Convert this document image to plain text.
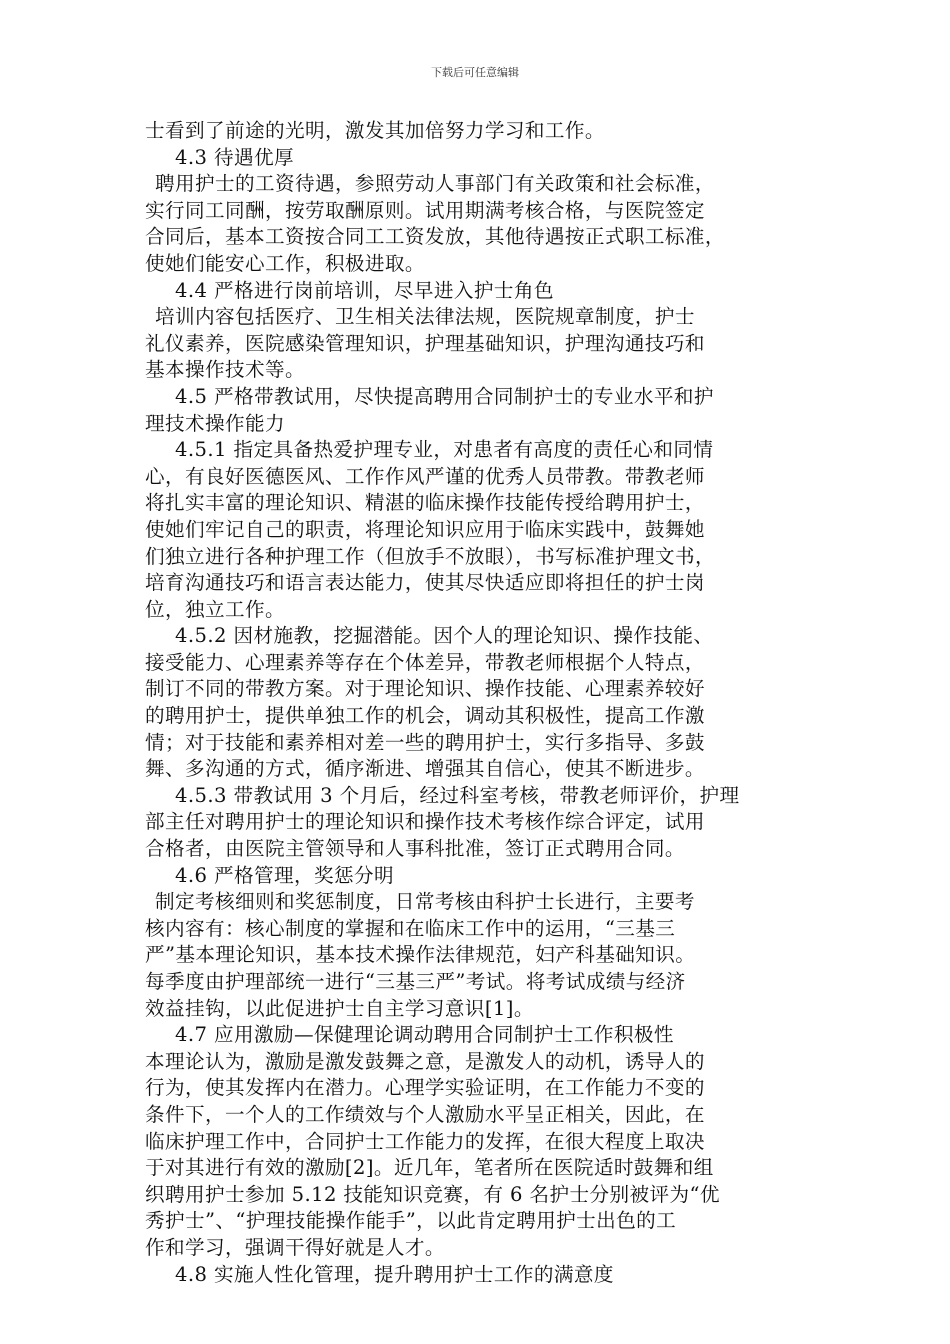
下载后可任意编辑
士看到了前途的光明，激发其加倍努力学习和工作。
4.3 待遇优厚
聘用护士的工资待遇，参照劳动人事部门有关政策和社会标准，
实行同工同酬，按劳取酬原则。试用期满考核合格，与医院签定
合同后，基本工资按合同工工资发放，其他待遇按正式职工标准，
使她们能安心工作，积极进取。
4.4 严格进行岗前培训，尽早进入护士角色
培训内容包括医疗、卫生相关法律法规，医院规章制度，护士
礼仪素养，医院感染管理知识，护理基础知识，护理沟通技巧和
基本操作技术等。
4.5 严格带教试用，尽快提高聘用合同制护士的专业水平和护
理技术操作能力
4.5.1 指定具备热爱护理专业，对患者有高度的责任心和同情
心，有良好医德医风、工作作风严谨的优秀人员带教。带教老师
将扎实丰富的理论知识、精湛的临床操作技能传授给聘用护士，
使她们牢记自己的职责，将理论知识应用于临床实践中，鼓舞她
们独立进行各种护理工作（但放手不放眼），书写标准护理文书，
培育沟通技巧和语言表达能力，使其尽快适应即将担任的护士岗
位，独立工作。
4.5.2 因材施教，挖掘潜能。因个人的理论知识、操作技能、
接受能力、心理素养等存在个体差异，带教老师根据个人特点，
制订不同的带教方案。对于理论知识、操作技能、心理素养较好
的聘用护士，提供单独工作的机会，调动其积极性，提高工作激
情；对于技能和素养相对差一些的聘用护士，实行多指导、多鼓
舞、多沟通的方式，循序渐进、增强其自信心，使其不断进步。
4.5.3 带教试用 3 个月后，经过科室考核，带教老师评价，护理
部主任对聘用护士的理论知识和操作技术考核作综合评定，试用
合格者，由医院主管领导和人事科批准，签订正式聘用合同。
4.6 严格管理，奖惩分明
制定考核细则和奖惩制度，日常考核由科护士长进行，主要考
核内容有：核心制度的掌握和在临床工作中的运用，“三基三
严”基本理论知识，基本技术操作法律规范，妇产科基础知识。
每季度由护理部统一进行“三基三严”考试。将考试成绩与经济
效益挂钩，以此促进护士自主学习意识[1]。
4.7 应用激励—保健理论调动聘用合同制护士工作积极性
本理论认为，激励是激发鼓舞之意，是激发人的动机，诱导人的
行为，使其发挥内在潜力。心理学实验证明，在工作能力不变的
条件下，一个人的工作绩效与个人激励水平呈正相关，因此，在
临床护理工作中，合同护士工作能力的发挥，在很大程度上取决
于对其进行有效的激励[2]。近几年，笔者所在医院适时鼓舞和组
织聘用护士参加 5.12 技能知识竞赛，有 6 名护士分别被评为“优
秀护士”、“护理技能操作能手”，以此肯定聘用护士出色的工
作和学习，强调干得好就是人才。
4.8 实施人性化管理，提升聘用护士工作的满意度
